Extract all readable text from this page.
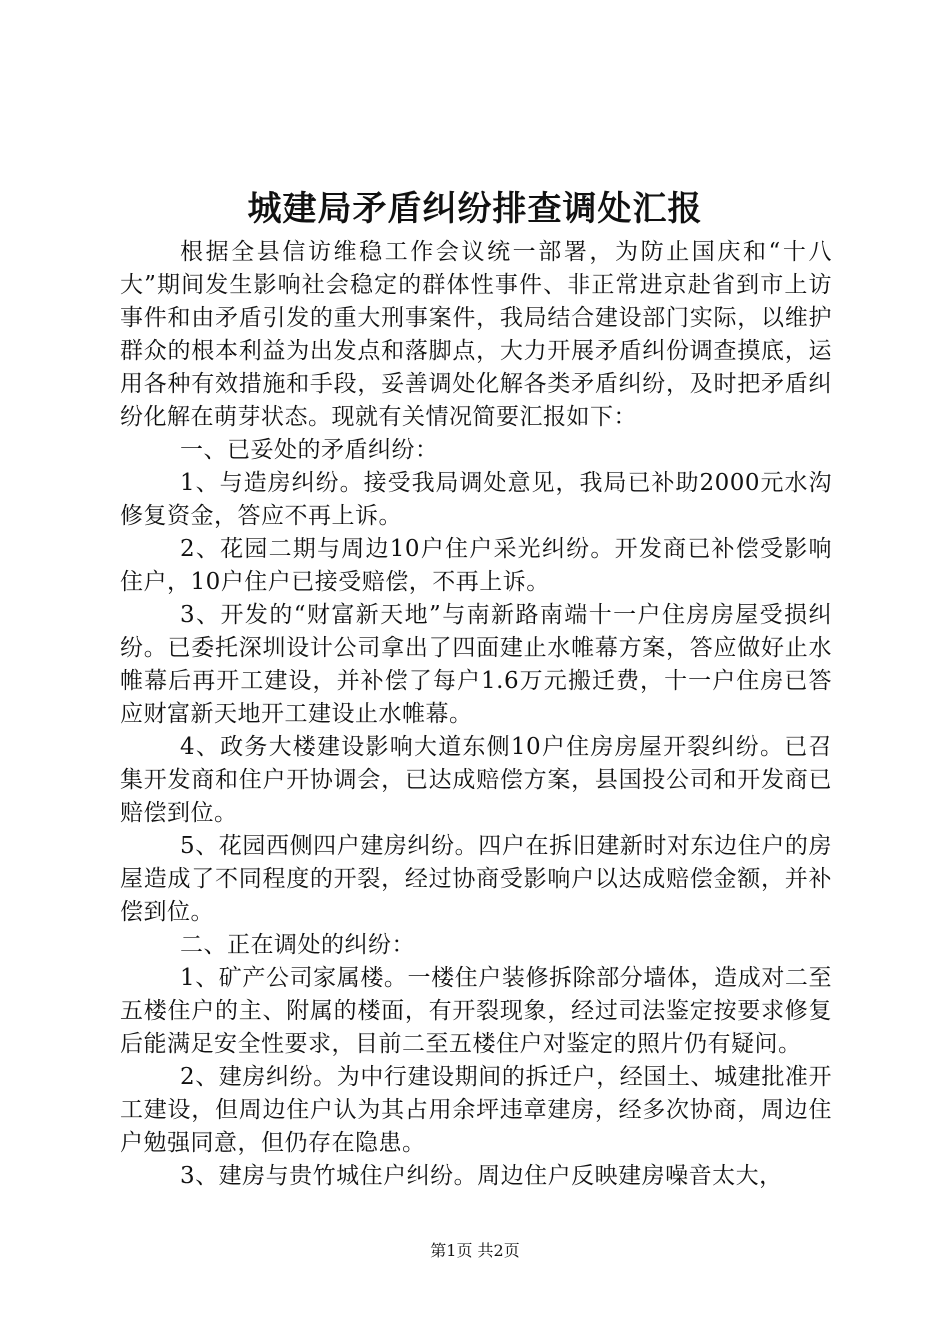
城建局矛盾纠纷排查调处汇报

根据全县信访维稳工作会议统一部署，为防止国庆和“十八大”期间发生影响社会稳定的群体性事件、非正常进京赴省到市上访事件和由矛盾引发的重大刑事案件，我局结合建设部门实际，以维护群众的根本利益为出发点和落脚点，大力开展矛盾纠份调查摸底，运用各种有效措施和手段，妥善调处化解各类矛盾纠纷，及时把矛盾纠纷化解在萌芽状态。现就有关情况简要汇报如下：

一、已妥处的矛盾纠纷：

1、与造房纠纷。接受我局调处意见，我局已补助2000元水沟修复资金，答应不再上诉。

2、花园二期与周边10户住户采光纠纷。开发商已补偿受影响住户，10户住户已接受赔偿，不再上诉。

3、开发的“财富新天地”与南新路南端十一户住房房屋受损纠纷。已委托深圳设计公司拿出了四面建止水帷幕方案，答应做好止水帷幕后再开工建设，并补偿了每户1.6万元搬迁费，十一户住房已答应财富新天地开工建设止水帷幕。

4、政务大楼建设影响大道东侧10户住房房屋开裂纠纷。已召集开发商和住户开协调会，已达成赔偿方案，县国投公司和开发商已赔偿到位。

5、花园西侧四户建房纠纷。四户在拆旧建新时对东边住户的房屋造成了不同程度的开裂，经过协商受影响户以达成赔偿金额，并补偿到位。

二、正在调处的纠纷：

1、矿产公司家属楼。一楼住户装修拆除部分墙体，造成对二至五楼住户的主、附属的楼面，有开裂现象，经过司法鉴定按要求修复后能满足安全性要求，目前二至五楼住户对鉴定的照片仍有疑问。

2、建房纠纷。为中行建设期间的拆迁户，经国土、城建批准开工建设，但周边住户认为其占用余坪违章建房，经多次协商，周边住户勉强同意，但仍存在隐患。

3、建房与贵竹城住户纠纷。周边住户反映建房噪音太大，

第1页 共2页
